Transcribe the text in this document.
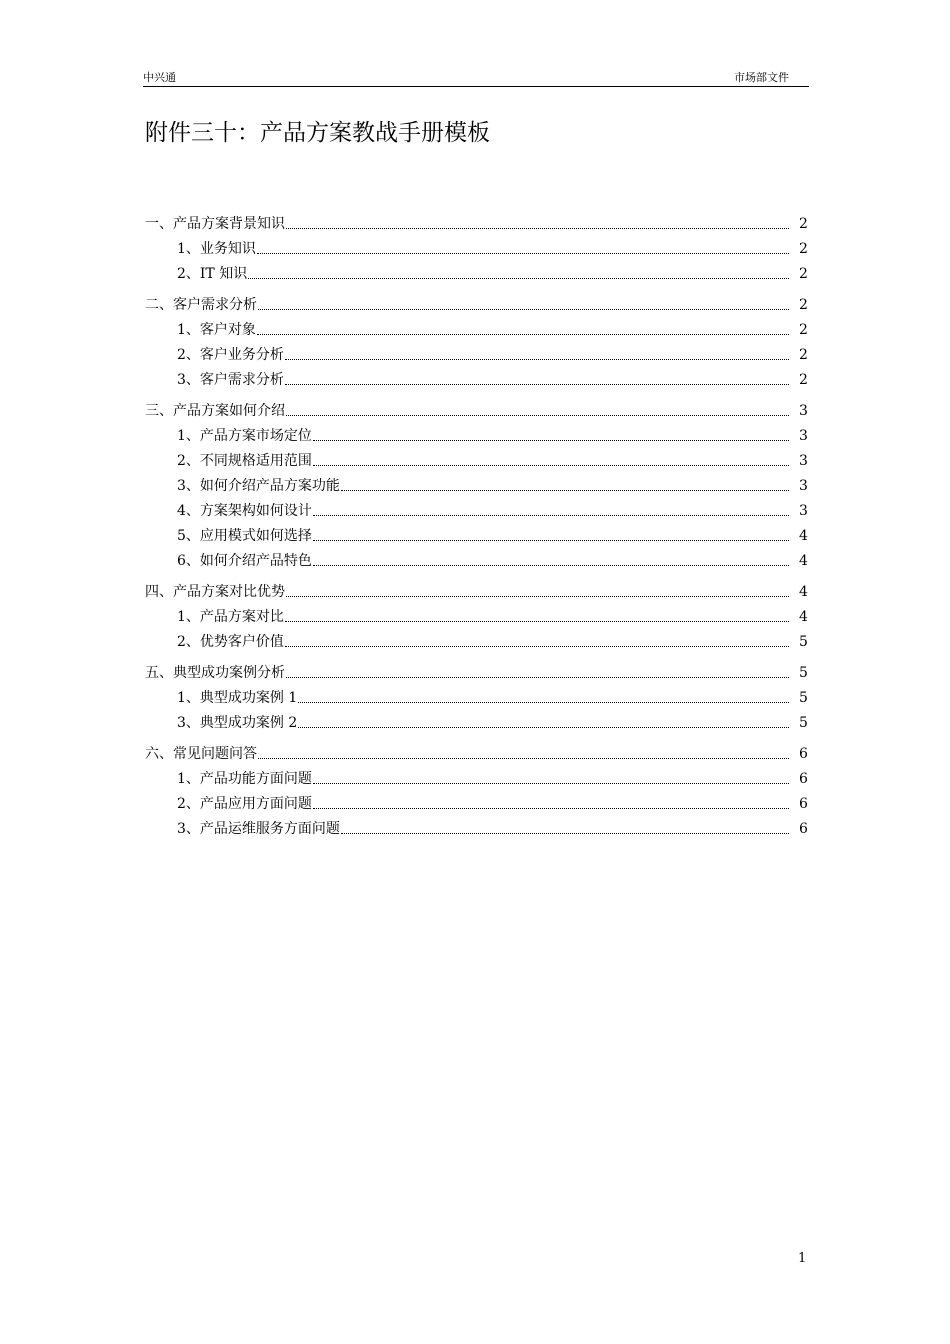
中兴通	市场部文件
附件三十：产品方案教战手册模板
一、产品方案背景知识	2
1、业务知识	2
2、IT 知识	2
二、客户需求分析	2
1、客户对象	2
2、客户业务分析	2
3、客户需求分析	2
三、产品方案如何介绍	3
1、产品方案市场定位	3
2、不同规格适用范围	3
3、如何介绍产品方案功能	3
4、方案架构如何设计	3
5、应用模式如何选择	4
6、如何介绍产品特色	4
四、产品方案对比优势	4
1、产品方案对比	4
2、优势客户价值	5
五、典型成功案例分析	5
1、典型成功案例 1	5
3、典型成功案例 2	5
六、常见问题问答	6
1、产品功能方面问题	6
2、产品应用方面问题	6
3、产品运维服务方面问题	6
1
